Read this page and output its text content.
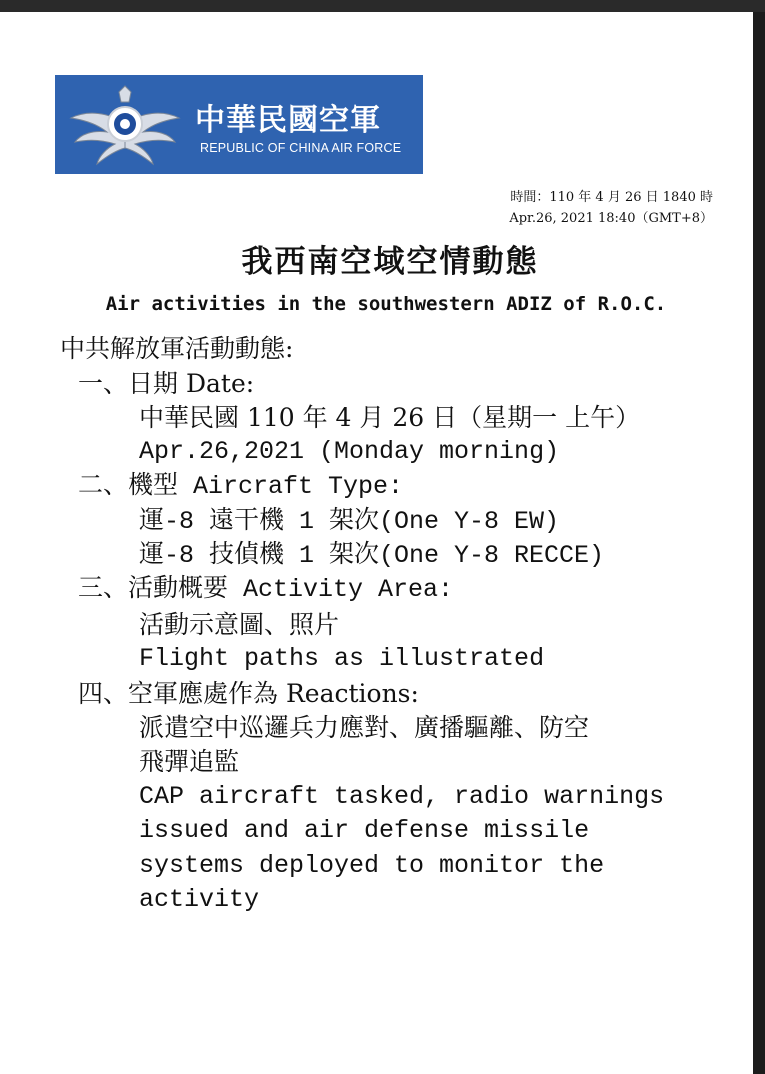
中華民國空軍
REPUBLIC OF CHINA AIR FORCE
時間：110 年 4 月 26 日 1840 時
Apr.26, 2021 18:40（GMT+8）
我西南空域空情動態
Air activities in the southwestern ADIZ of R.O.C.
中共解放軍活動動態:
一、日期 Date:
中華民國 110 年 4 月 26 日（星期一 上午）
Apr.26,2021 (Monday morning)
二、機型 Aircraft Type:
運-8 遠干機 1 架次(One Y-8 EW)
運-8 技偵機 1 架次(One Y-8 RECCE)
三、活動概要 Activity Area:
活動示意圖、照片
Flight paths as illustrated
四、空軍應處作為 Reactions:
派遣空中巡邏兵力應對、廣播驅離、防空
飛彈追監
CAP aircraft tasked, radio warnings
issued and air defense missile
systems deployed to monitor the
activity
